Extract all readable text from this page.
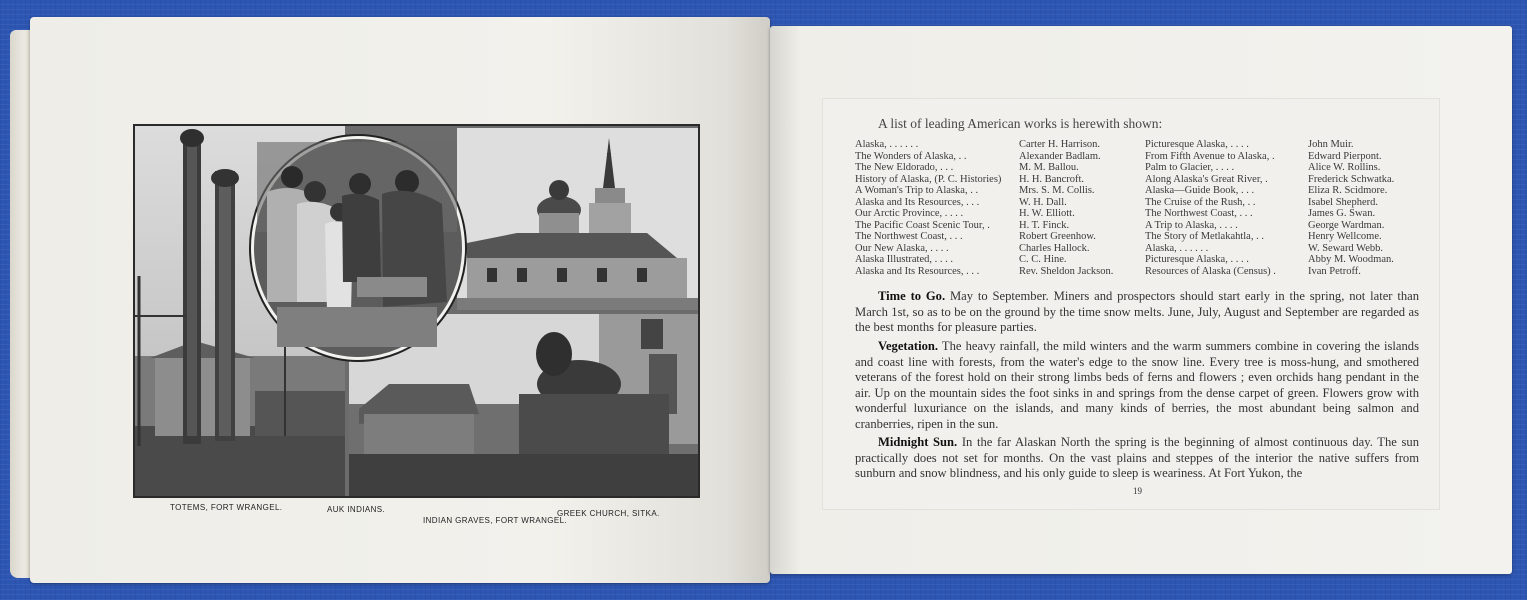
TOTEMS, FORT WRANGEL.	AUK INDIANS.	GREEK CHURCH, SITKA.
INDIAN GRAVES, FORT WRANGEL.
A list of leading American works is herewith shown:
Alaska, . . . . . .
The Wonders of Alaska, . .
The New Eldorado, . . .
History of Alaska, (P. C. Histories)
A Woman's Trip to Alaska, . .
Alaska and Its Resources, . . .
Our Arctic Province, . . . .
The Pacific Coast Scenic Tour, .
The Northwest Coast, . . .
Our New Alaska, . . . .
Alaska Illustrated, . . . .
Alaska and Its Resources, . . .
Carter H. Harrison.
Alexander Badlam.
M. M. Ballou.
H. H. Bancroft.
Mrs. S. M. Collis.
W. H. Dall.
H. W. Elliott.
H. T. Finck.
Robert Greenhow.
Charles Hallock.
C. C. Hine.
Rev. Sheldon Jackson.
Picturesque Alaska, . . . .
From Fifth Avenue to Alaska, .
Palm to Glacier, . . . .
Along Alaska's Great River, .
Alaska—Guide Book, . . .
The Cruise of the Rush, . .
The Northwest Coast, . . .
A Trip to Alaska, . . . .
The Story of Metlakahtla, . .
Alaska, . . . . . .
Picturesque Alaska, . . . .
Resources of Alaska (Census) .
John Muir.
Edward Pierpont.
Alice W. Rollins.
Frederick Schwatka.
Eliza R. Scidmore.
Isabel Shepherd.
James G. Swan.
George Wardman.
Henry Wellcome.
W. Seward Webb.
Abby M. Woodman.
Ivan Petroff.
Time to Go. May to September. Miners and prospectors should start early in the spring, not later than March 1st, so as to be on the ground by the time snow melts. June, July, August and September are regarded as the best months for pleasure parties.
Vegetation. The heavy rainfall, the mild winters and the warm summers combine in covering the islands and coast line with forests, from the water's edge to the snow line. Every tree is moss-hung, and smothered veterans of the forest hold on their strong limbs beds of ferns and flowers ; even orchids hang pendant in the air. Up on the mountain sides the foot sinks in and springs from the dense carpet of green. Flowers grow with wonderful luxuriance on the islands, and many kinds of berries, the most abundant being salmon and cranberries, ripen in the sun.
Midnight Sun. In the far Alaskan North the spring is the beginning of almost continuous day. The sun practically does not set for months. On the vast plains and steppes of the interior the native suffers from sunburn and snow blindness, and his only guide to sleep is weariness. At Fort Yukon, the
19
